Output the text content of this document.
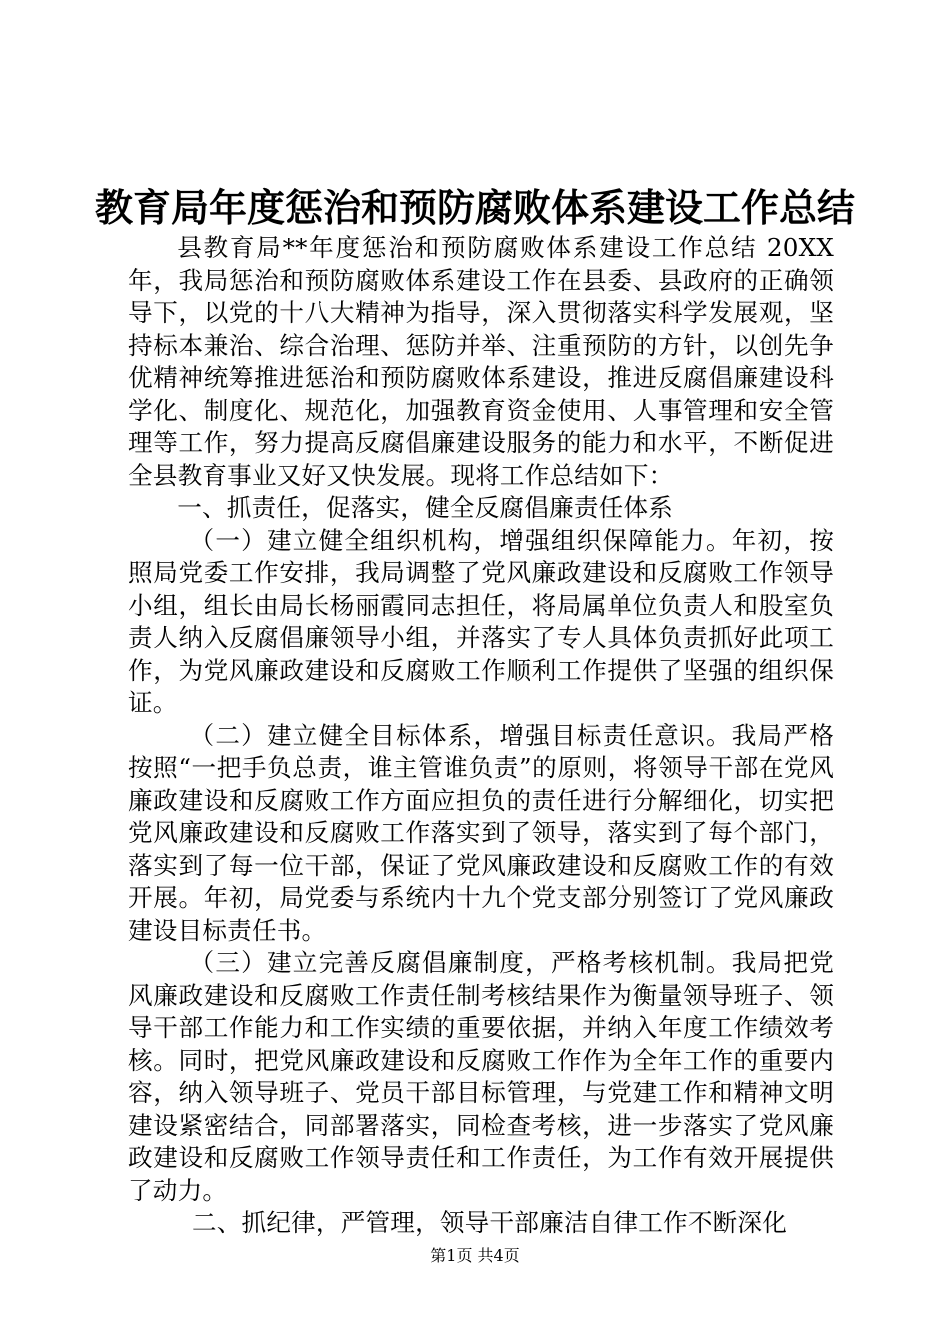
教育局年度惩治和预防腐败体系建设工作总结

县教育局**年度惩治和预防腐败体系建设工作总结 20XX 年，我局惩治和预防腐败体系建设工作在县委、县政府的正确领导下，以党的十八大精神为指导，深入贯彻落实科学发展观，坚持标本兼治、综合治理、惩防并举、注重预防的方针，以创先争优精神统筹推进惩治和预防腐败体系建设，推进反腐倡廉建设科学化、制度化、规范化，加强教育资金使用、人事管理和安全管理等工作，努力提高反腐倡廉建设服务的能力和水平，不断促进全县教育事业又好又快发展。现将工作总结如下：

一、抓责任，促落实，健全反腐倡廉责任体系

（一）建立健全组织机构，增强组织保障能力。年初，按照局党委工作安排，我局调整了党风廉政建设和反腐败工作领导小组，组长由局长杨丽霞同志担任，将局属单位负责人和股室负责人纳入反腐倡廉领导小组，并落实了专人具体负责抓好此项工作，为党风廉政建设和反腐败工作顺利工作提供了坚强的组织保证。

（二）建立健全目标体系，增强目标责任意识。我局严格按照“一把手负总责，谁主管谁负责”的原则，将领导干部在党风廉政建设和反腐败工作方面应担负的责任进行分解细化，切实把党风廉政建设和反腐败工作落实到了领导，落实到了每个部门，落实到了每一位干部，保证了党风廉政建设和反腐败工作的有效开展。年初，局党委与系统内十九个党支部分别签订了党风廉政建设目标责任书。

（三）建立完善反腐倡廉制度，严格考核机制。我局把党风廉政建设和反腐败工作责任制考核结果作为衡量领导班子、领导干部工作能力和工作实绩的重要依据，并纳入年度工作绩效考核。同时，把党风廉政建设和反腐败工作作为全年工作的重要内容，纳入领导班子、党员干部目标管理，与党建工作和精神文明建设紧密结合，同部署落实，同检查考核，进一步落实了党风廉政建设和反腐败工作领导责任和工作责任，为工作有效开展提供了动力。

二、抓纪律，严管理，领导干部廉洁自律工作不断深化

第1页 共4页
